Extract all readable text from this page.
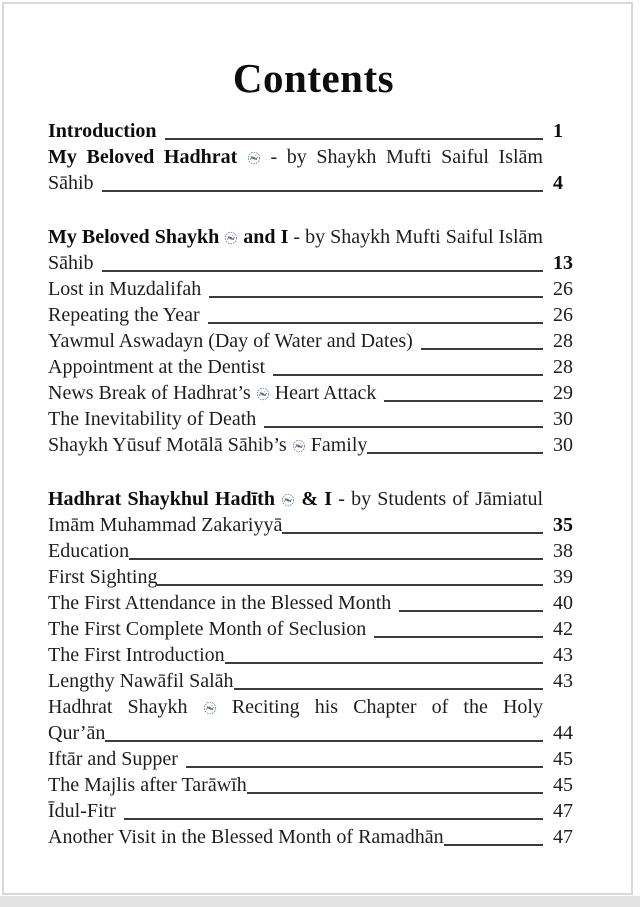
Contents
Introduction	1
My Beloved Hadhrat
- by Shaykh Mufti Saiful Islām
Sāhib	4
My Beloved Shaykh
and I - by Shaykh Mufti Saiful Islām
Sāhib	13
Lost in Muzdalifah	26
Repeating the Year	26
Yawmul Aswadayn (Day of Water and Dates)	28
Appointment at the Dentist	28
News Break of Hadhrat’s
Heart Attack	29
The Inevitability of Death	30
Shaykh Yūsuf Motālā Sāhib’s
Family	30
Hadhrat Shaykhul Hadīth
& I - by Students of Jāmiatul
Imām Muhammad Zakariyyā	35
Education	38
First Sighting	39
The First Attendance in the Blessed Month	40
The First Complete Month of Seclusion	42
The First Introduction	43
Lengthy Nawāfil Salāh	43
Hadhrat Shaykh
Reciting his Chapter of the Holy
Qur’ān	44
Iftār and Supper	45
The Majlis after Tarāwīh	45
Īdul-Fitr	47
Another Visit in the Blessed Month of Ramadhān	47
